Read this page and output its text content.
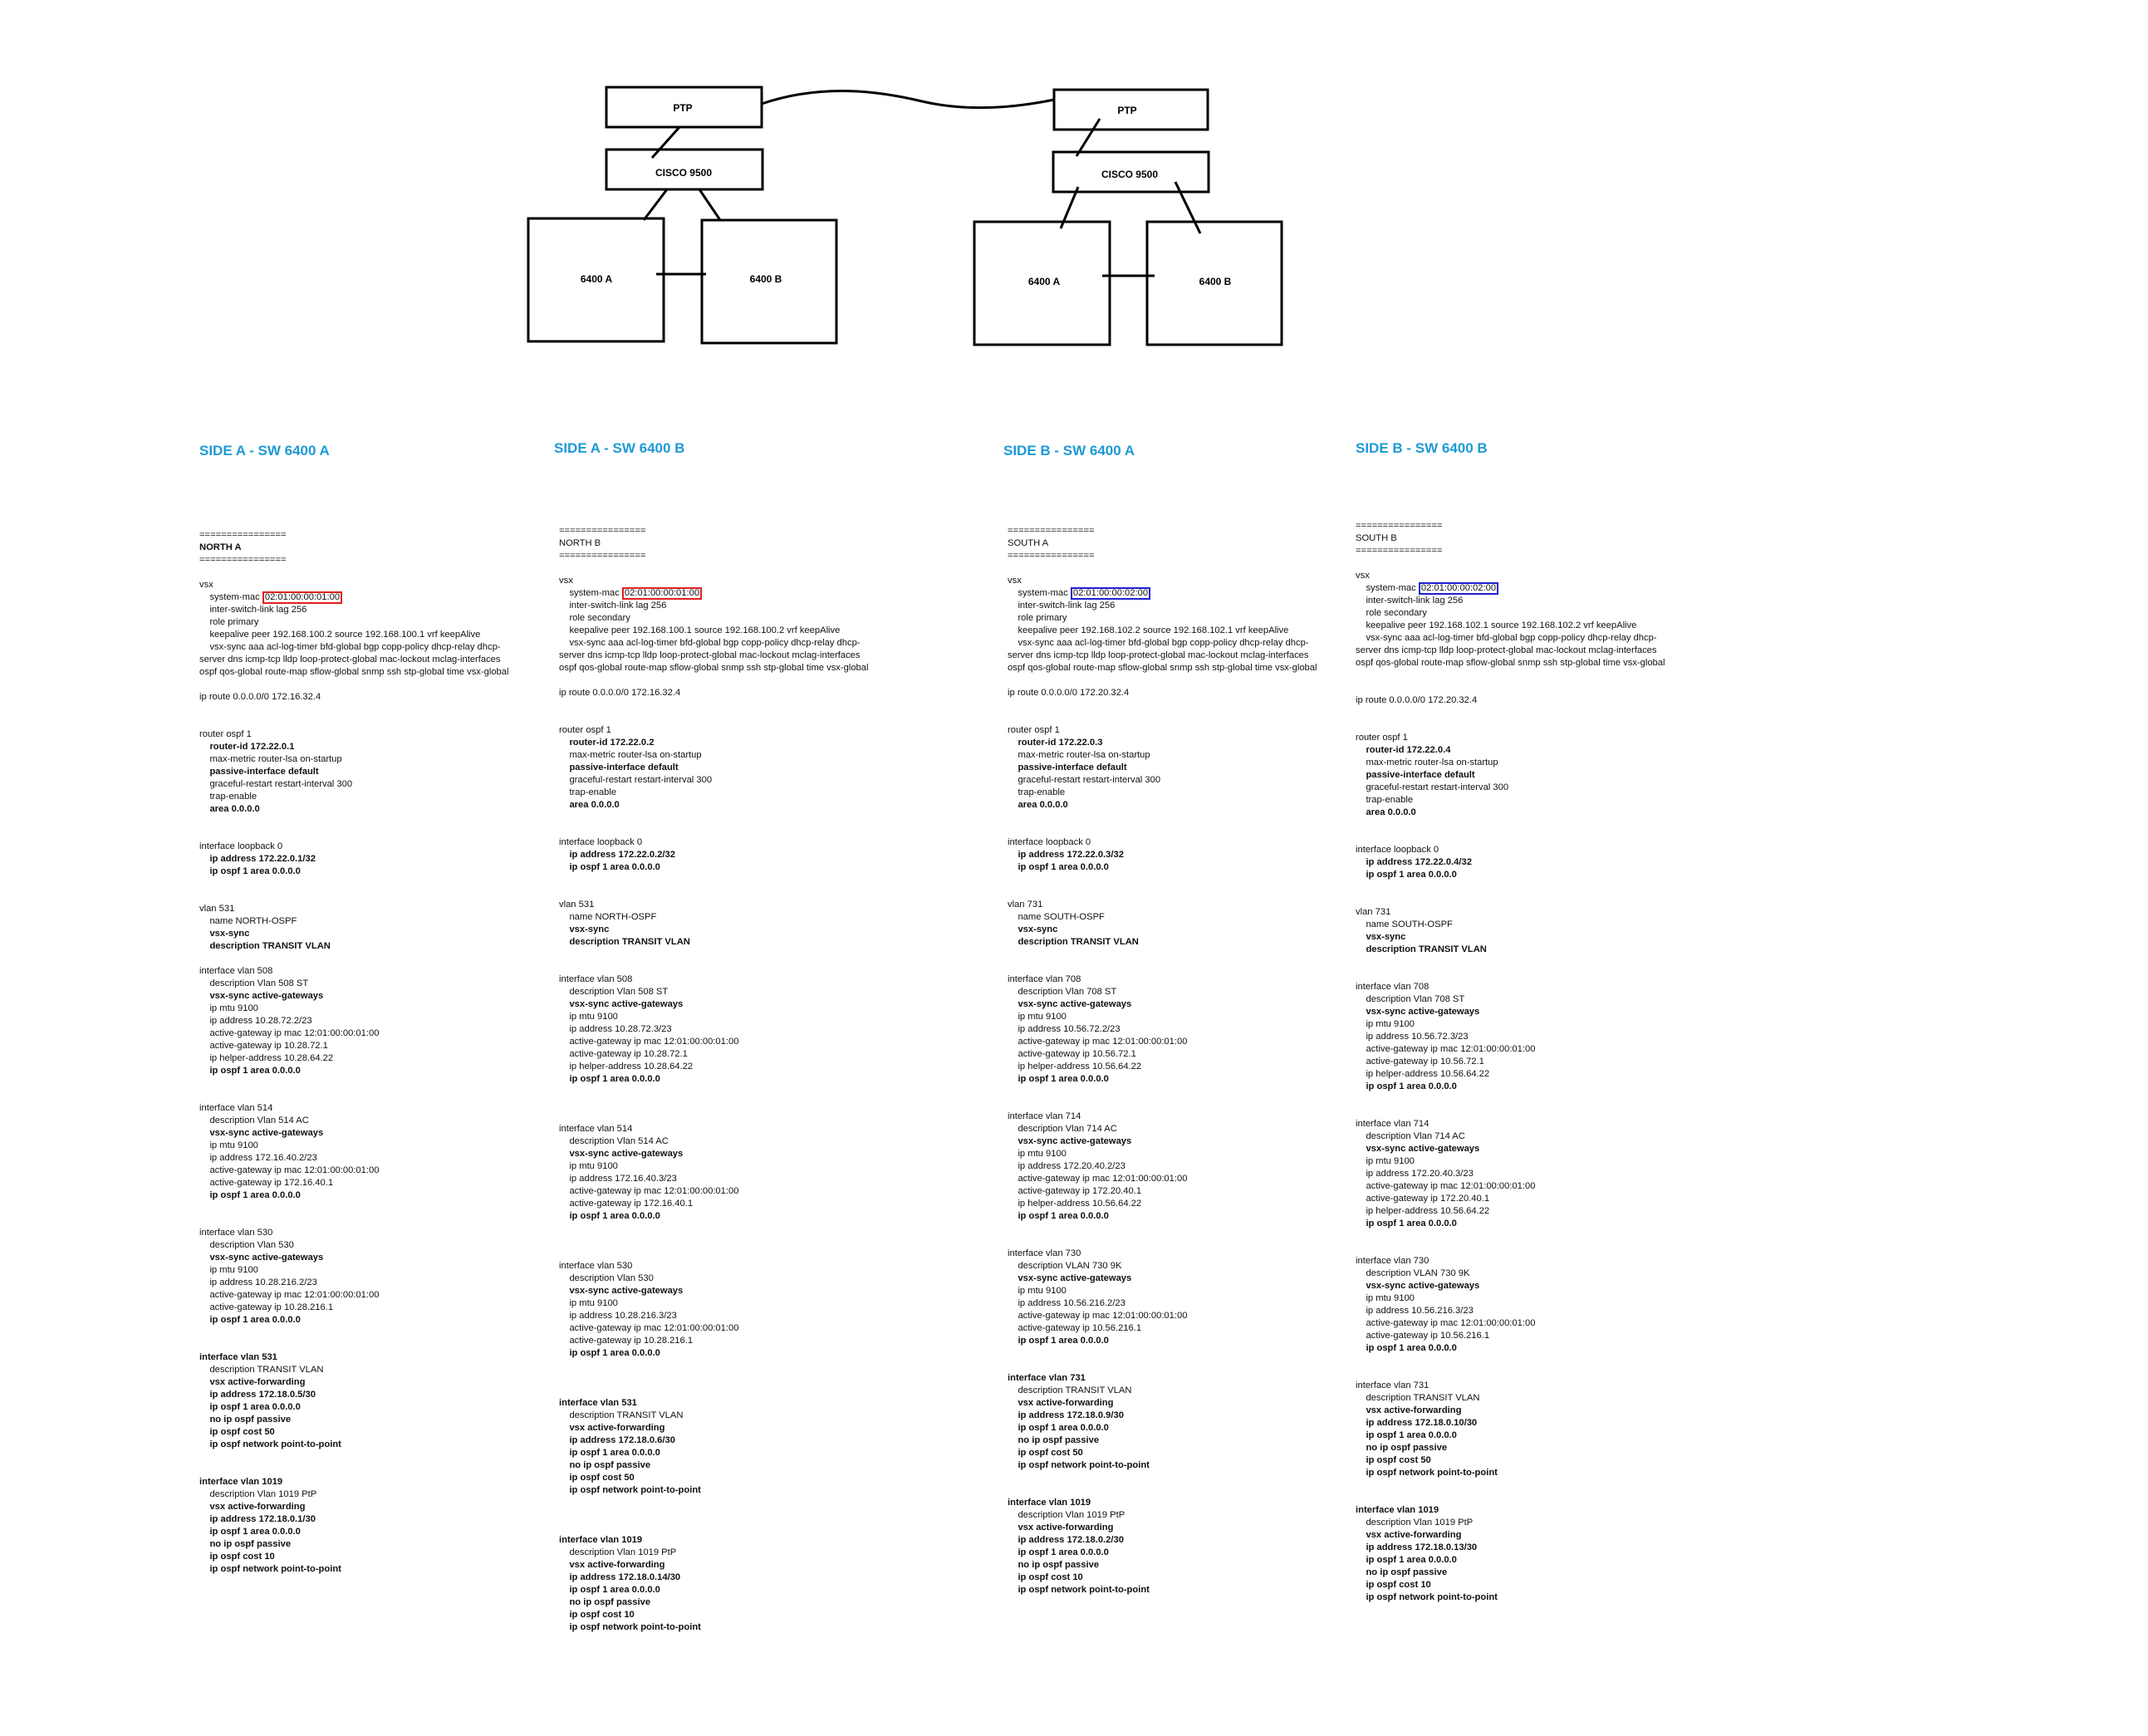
PTP
CISCO 9500
6400 A	6400 B
PTP
CISCO 9500
6400 A	6400 B
SIDE A - SW 6400 A	SIDE A - SW 6400 B	SIDE B - SW 6400 A	SIDE B - SW 6400 B
================
NORTH A
================
vsx
system-mac 02:01:00:00:01:00
inter-switch-link lag 256
role primary
keepalive peer 192.168.100.2 source 192.168.100.1 vrf keepAlive
vsx-sync aaa acl-log-timer bfd-global bgp copp-policy dhcp-relay dhcp-server dns icmp-tcp lldp loop-protect-global mac-lockout mclag-interfaces ospf qos-global route-map sflow-global snmp ssh stp-global time vsx-global
ip route 0.0.0.0/0 172.16.32.4
router ospf 1
router-id 172.22.0.1
max-metric router-lsa on-startup
passive-interface default
graceful-restart restart-interval 300
trap-enable
area 0.0.0.0
interface loopback 0
ip address 172.22.0.1/32
ip ospf 1 area 0.0.0.0
vlan 531
name NORTH-OSPF
vsx-sync
description TRANSIT VLAN
interface vlan 508
description Vlan 508 ST
vsx-sync active-gateways
ip mtu 9100
ip address 10.28.72.2/23
active-gateway ip mac 12:01:00:00:01:00
active-gateway ip 10.28.72.1
ip helper-address 10.28.64.22
ip ospf 1 area 0.0.0.0
interface vlan 514
description Vlan 514 AC
vsx-sync active-gateways
ip mtu 9100
ip address 172.16.40.2/23
active-gateway ip mac 12:01:00:00:01:00
active-gateway ip 172.16.40.1
ip ospf 1 area 0.0.0.0
interface vlan 530
description Vlan 530
vsx-sync active-gateways
ip mtu 9100
ip address 10.28.216.2/23
active-gateway ip mac 12:01:00:00:01:00
active-gateway ip 10.28.216.1
ip ospf 1 area 0.0.0.0
interface vlan 531
description TRANSIT VLAN
vsx active-forwarding
ip address 172.18.0.5/30
ip ospf 1 area 0.0.0.0
no ip ospf passive
ip ospf cost 50
ip ospf network point-to-point
interface vlan 1019
description Vlan 1019 PtP
vsx active-forwarding
ip address 172.18.0.1/30
ip ospf 1 area 0.0.0.0
no ip ospf passive
ip ospf cost 10
ip ospf network point-to-point
================
NORTH B
================
vsx
system-mac 02:01:00:00:01:00
inter-switch-link lag 256
role secondary
keepalive peer 192.168.100.1 source 192.168.100.2 vrf keepAlive
vsx-sync aaa acl-log-timer bfd-global bgp copp-policy dhcp-relay dhcp-server dns icmp-tcp lldp loop-protect-global mac-lockout mclag-interfaces ospf qos-global route-map sflow-global snmp ssh stp-global time vsx-global
ip route 0.0.0.0/0 172.16.32.4
router ospf 1
router-id 172.22.0.2
max-metric router-lsa on-startup
passive-interface default
graceful-restart restart-interval 300
trap-enable
area 0.0.0.0
interface loopback 0
ip address 172.22.0.2/32
ip ospf 1 area 0.0.0.0
vlan 531
name NORTH-OSPF
vsx-sync
description TRANSIT VLAN
interface vlan 508
description Vlan 508 ST
vsx-sync active-gateways
ip mtu 9100
ip address 10.28.72.3/23
active-gateway ip mac 12:01:00:00:01:00
active-gateway ip 10.28.72.1
ip helper-address 10.28.64.22
ip ospf 1 area 0.0.0.0
interface vlan 514
description Vlan 514 AC
vsx-sync active-gateways
ip mtu 9100
ip address 172.16.40.3/23
active-gateway ip mac 12:01:00:00:01:00
active-gateway ip 172.16.40.1
ip ospf 1 area 0.0.0.0
interface vlan 530
description Vlan 530
vsx-sync active-gateways
ip mtu 9100
ip address 10.28.216.3/23
active-gateway ip mac 12:01:00:00:01:00
active-gateway ip 10.28.216.1
ip ospf 1 area 0.0.0.0
interface vlan 531
description TRANSIT VLAN
vsx active-forwarding
ip address 172.18.0.6/30
ip ospf 1 area 0.0.0.0
no ip ospf passive
ip ospf cost 50
ip ospf network point-to-point
interface vlan 1019
description Vlan 1019 PtP
vsx active-forwarding
ip address 172.18.0.14/30
ip ospf 1 area 0.0.0.0
no ip ospf passive
ip ospf cost 10
ip ospf network point-to-point
================
SOUTH A
================
vsx
system-mac 02:01:00:00:02:00
inter-switch-link lag 256
role primary
keepalive peer 192.168.102.2 source 192.168.102.1 vrf keepAlive
vsx-sync aaa acl-log-timer bfd-global bgp copp-policy dhcp-relay dhcp-server dns icmp-tcp lldp loop-protect-global mac-lockout mclag-interfaces ospf qos-global route-map sflow-global snmp ssh stp-global time vsx-global
ip route 0.0.0.0/0 172.20.32.4
router ospf 1
router-id 172.22.0.3
max-metric router-lsa on-startup
passive-interface default
graceful-restart restart-interval 300
trap-enable
area 0.0.0.0
interface loopback 0
ip address 172.22.0.3/32
ip ospf 1 area 0.0.0.0
vlan 731
name SOUTH-OSPF
vsx-sync
description TRANSIT VLAN
interface vlan 708
description Vlan 708 ST
vsx-sync active-gateways
ip mtu 9100
ip address 10.56.72.2/23
active-gateway ip mac 12:01:00:00:01:00
active-gateway ip 10.56.72.1
ip helper-address 10.56.64.22
ip ospf 1 area 0.0.0.0
interface vlan 714
description Vlan 714 AC
vsx-sync active-gateways
ip mtu 9100
ip address 172.20.40.2/23
active-gateway ip mac 12:01:00:00:01:00
active-gateway ip 172.20.40.1
ip helper-address 10.56.64.22
ip ospf 1 area 0.0.0.0
interface vlan 730
description VLAN 730 9K
vsx-sync active-gateways
ip mtu 9100
ip address 10.56.216.2/23
active-gateway ip mac 12:01:00:00:01:00
active-gateway ip 10.56.216.1
ip ospf 1 area 0.0.0.0
interface vlan 731
description TRANSIT VLAN
vsx active-forwarding
ip address 172.18.0.9/30
ip ospf 1 area 0.0.0.0
no ip ospf passive
ip ospf cost 50
ip ospf network point-to-point
interface vlan 1019
description Vlan 1019 PtP
vsx active-forwarding
ip address 172.18.0.2/30
ip ospf 1 area 0.0.0.0
no ip ospf passive
ip ospf cost 10
ip ospf network point-to-point
================
SOUTH B
================
vsx
system-mac 02:01:00:00:02:00
inter-switch-link lag 256
role secondary
keepalive peer 192.168.102.1 source 192.168.102.2 vrf keepAlive
vsx-sync aaa acl-log-timer bfd-global bgp copp-policy dhcp-relay dhcp-server dns icmp-tcp lldp loop-protect-global mac-lockout mclag-interfaces ospf qos-global route-map sflow-global snmp ssh stp-global time vsx-global
ip route 0.0.0.0/0 172.20.32.4
router ospf 1
router-id 172.22.0.4
max-metric router-lsa on-startup
passive-interface default
graceful-restart restart-interval 300
trap-enable
area 0.0.0.0
interface loopback 0
ip address 172.22.0.4/32
ip ospf 1 area 0.0.0.0
vlan 731
name SOUTH-OSPF
vsx-sync
description TRANSIT VLAN
interface vlan 708
description Vlan 708 ST
vsx-sync active-gateways
ip mtu 9100
ip address 10.56.72.3/23
active-gateway ip mac 12:01:00:00:01:00
active-gateway ip 10.56.72.1
ip helper-address 10.56.64.22
ip ospf 1 area 0.0.0.0
interface vlan 714
description Vlan 714 AC
vsx-sync active-gateways
ip mtu 9100
ip address 172.20.40.3/23
active-gateway ip mac 12:01:00:00:01:00
active-gateway ip 172.20.40.1
ip helper-address 10.56.64.22
ip ospf 1 area 0.0.0.0
interface vlan 730
description VLAN 730 9K
vsx-sync active-gateways
ip mtu 9100
ip address 10.56.216.3/23
active-gateway ip mac 12:01:00:00:01:00
active-gateway ip 10.56.216.1
ip ospf 1 area 0.0.0.0
interface vlan 731
description TRANSIT VLAN
vsx active-forwarding
ip address 172.18.0.10/30
ip ospf 1 area 0.0.0.0
no ip ospf passive
ip ospf cost 50
ip ospf network point-to-point
interface vlan 1019
description Vlan 1019 PtP
vsx active-forwarding
ip address 172.18.0.13/30
ip ospf 1 area 0.0.0.0
no ip ospf passive
ip ospf cost 10
ip ospf network point-to-point
